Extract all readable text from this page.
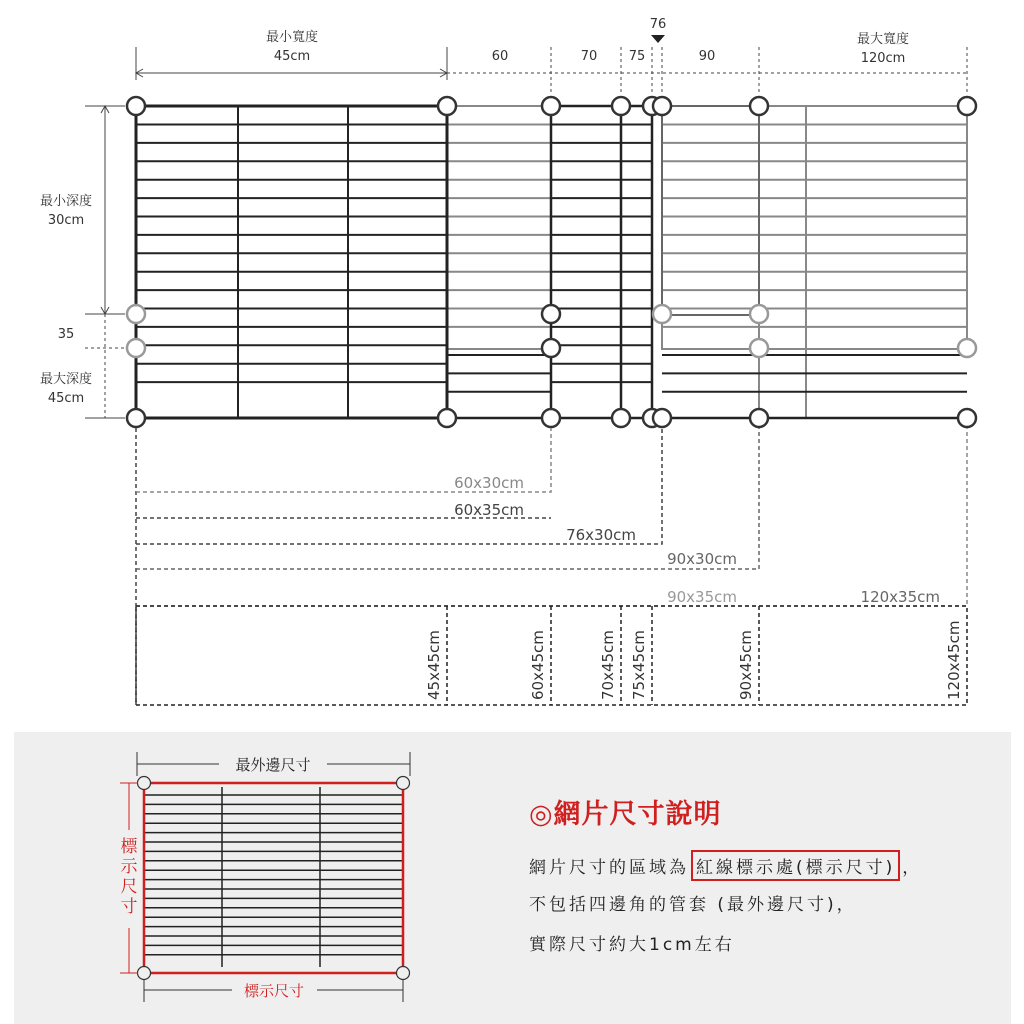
最小寬度
45cm	60	70 75
76
90
最大寬度
120cm
最小深度
30cm
35
最大深度
45cm
60x30cm
60x35cm
76x30cm
90x30cm
90x35cm	120x35cm
45x45cm	60x45cm	70x45cm 75x45cm	90x45cm	120x45cm
最外邊尺寸
標示尺寸
標示尺寸
◎網片尺寸說明
網片尺寸的區域為 紅線標示處(標示尺寸) ，
不包括四邊角的管套 (最外邊尺寸)，
實際尺寸約大1cm左右
